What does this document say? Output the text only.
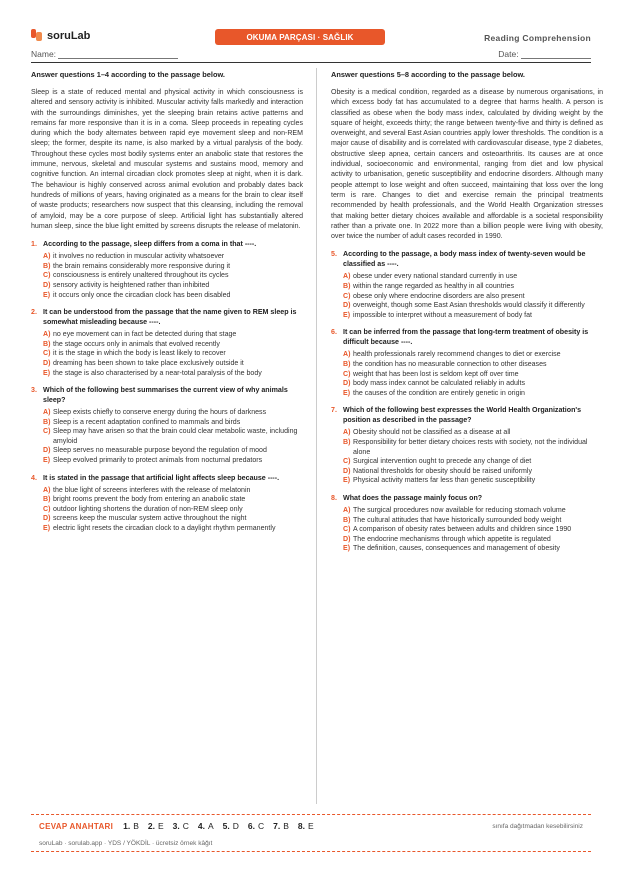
soruLab	OKUMA PARÇASI · SAĞLIK	Reading Comprehension
Name:	Date:
Answer questions 1–4 according to the passage below.
Sleep is a state of reduced mental and physical activity in which consciousness is altered and sensory activity is inhibited. Muscular activity falls markedly and interaction with the surroundings diminishes, yet the sleeping brain retains active patterns and remains far more responsive than it is in a coma. Sleep proceeds in repeating cycles during which the body alternates between rapid eye movement sleep and non-REM sleep; the former, despite its name, is also marked by a virtual paralysis of the body. Throughout these cycles most bodily systems enter an anabolic state that restores the immune, nervous, skeletal and muscular systems and sustains mood, memory and cognitive function. An internal circadian clock promotes sleep at night, when it is dark. The behaviour is highly conserved across animal evolution and probably dates back hundreds of millions of years, having originated as a means for the brain to clear itself of waste products; researchers now suspect that this cleansing, including the removal of amyloid, may be a core purpose of sleep. Artificial light has substantially altered human sleep, since the blue light emitted by screens disrupts the release of melatonin.
1. According to the passage, sleep differs from a coma in that ----.
A) it involves no reduction in muscular activity whatsoever
B) the brain remains considerably more responsive during it
C) consciousness is entirely unaltered throughout its cycles
D) sensory activity is heightened rather than inhibited
E) it occurs only once the circadian clock has been disabled
2. It can be understood from the passage that the name given to REM sleep is somewhat misleading because ----.
A) no eye movement can in fact be detected during that stage
B) the stage occurs only in animals that evolved recently
C) it is the stage in which the body is least likely to recover
D) dreaming has been shown to take place exclusively outside it
E) the stage is also characterised by a near-total paralysis of the body
3. Which of the following best summarises the current view of why animals sleep?
A) Sleep exists chiefly to conserve energy during the hours of darkness
B) Sleep is a recent adaptation confined to mammals and birds
C) Sleep may have arisen so that the brain could clear metabolic waste, including amyloid
D) Sleep serves no measurable purpose beyond the regulation of mood
E) Sleep evolved primarily to protect animals from nocturnal predators
4. It is stated in the passage that artificial light affects sleep because ----.
A) the blue light of screens interferes with the release of melatonin
B) bright rooms prevent the body from entering an anabolic state
C) outdoor lighting shortens the duration of non-REM sleep only
D) screens keep the muscular system active throughout the night
E) electric light resets the circadian clock to a daylight rhythm permanently
Answer questions 5–8 according to the passage below.
Obesity is a medical condition, regarded as a disease by numerous organisations, in which excess body fat has accumulated to a degree that harms health. A person is classified as obese when the body mass index, calculated by dividing weight by the square of height, exceeds thirty; the range between twenty-five and thirty is defined as overweight, and several East Asian countries apply lower thresholds. The condition is a major cause of disability and is correlated with cardiovascular disease, type 2 diabetes, obstructive sleep apnea, certain cancers and osteoarthritis. Its causes are at once individual, socioeconomic and environmental, ranging from diet and low physical activity to urbanisation, genetic susceptibility and endocrine disorders. Although many people attempt to lose weight and often succeed, maintaining that loss over the long term is rare. Changes to diet and exercise remain the principal treatments recommended by health professionals, and the World Health Organization stresses that making better dietary choices available and affordable is a societal responsibility rather than a private one. In 2022 more than a billion people were living with obesity, over twice the number of adult cases recorded in 1990.
5. According to the passage, a body mass index of twenty-seven would be classified as ----.
A) obese under every national standard currently in use
B) within the range regarded as healthy in all countries
C) obese only where endocrine disorders are also present
D) overweight, though some East Asian thresholds would classify it differently
E) impossible to interpret without a measurement of body fat
6. It can be inferred from the passage that long-term treatment of obesity is difficult because ----.
A) health professionals rarely recommend changes to diet or exercise
B) the condition has no measurable connection to other diseases
C) weight that has been lost is seldom kept off over time
D) body mass index cannot be calculated reliably in adults
E) the causes of the condition are entirely genetic in origin
7. Which of the following best expresses the World Health Organization's position as described in the passage?
A) Obesity should not be classified as a disease at all
B) Responsibility for better dietary choices rests with society, not the individual alone
C) Surgical intervention ought to precede any change of diet
D) National thresholds for obesity should be raised uniformly
E) Physical activity matters far less than genetic susceptibility
8. What does the passage mainly focus on?
A) The surgical procedures now available for reducing stomach volume
B) The cultural attitudes that have historically surrounded body weight
C) A comparison of obesity rates between adults and children since 1990
D) The endocrine mechanisms through which appetite is regulated
E) The definition, causes, consequences and management of obesity
CEVAP ANAHTARI 1. B 2. E 3. C 4. A 5. D 6. C 7. B 8. E	sınıfa dağıtmadan kesebilirsiniz
soruLab · sorulab.app · YDS / YÖKDİL · ücretsiz örnek kâğıt
